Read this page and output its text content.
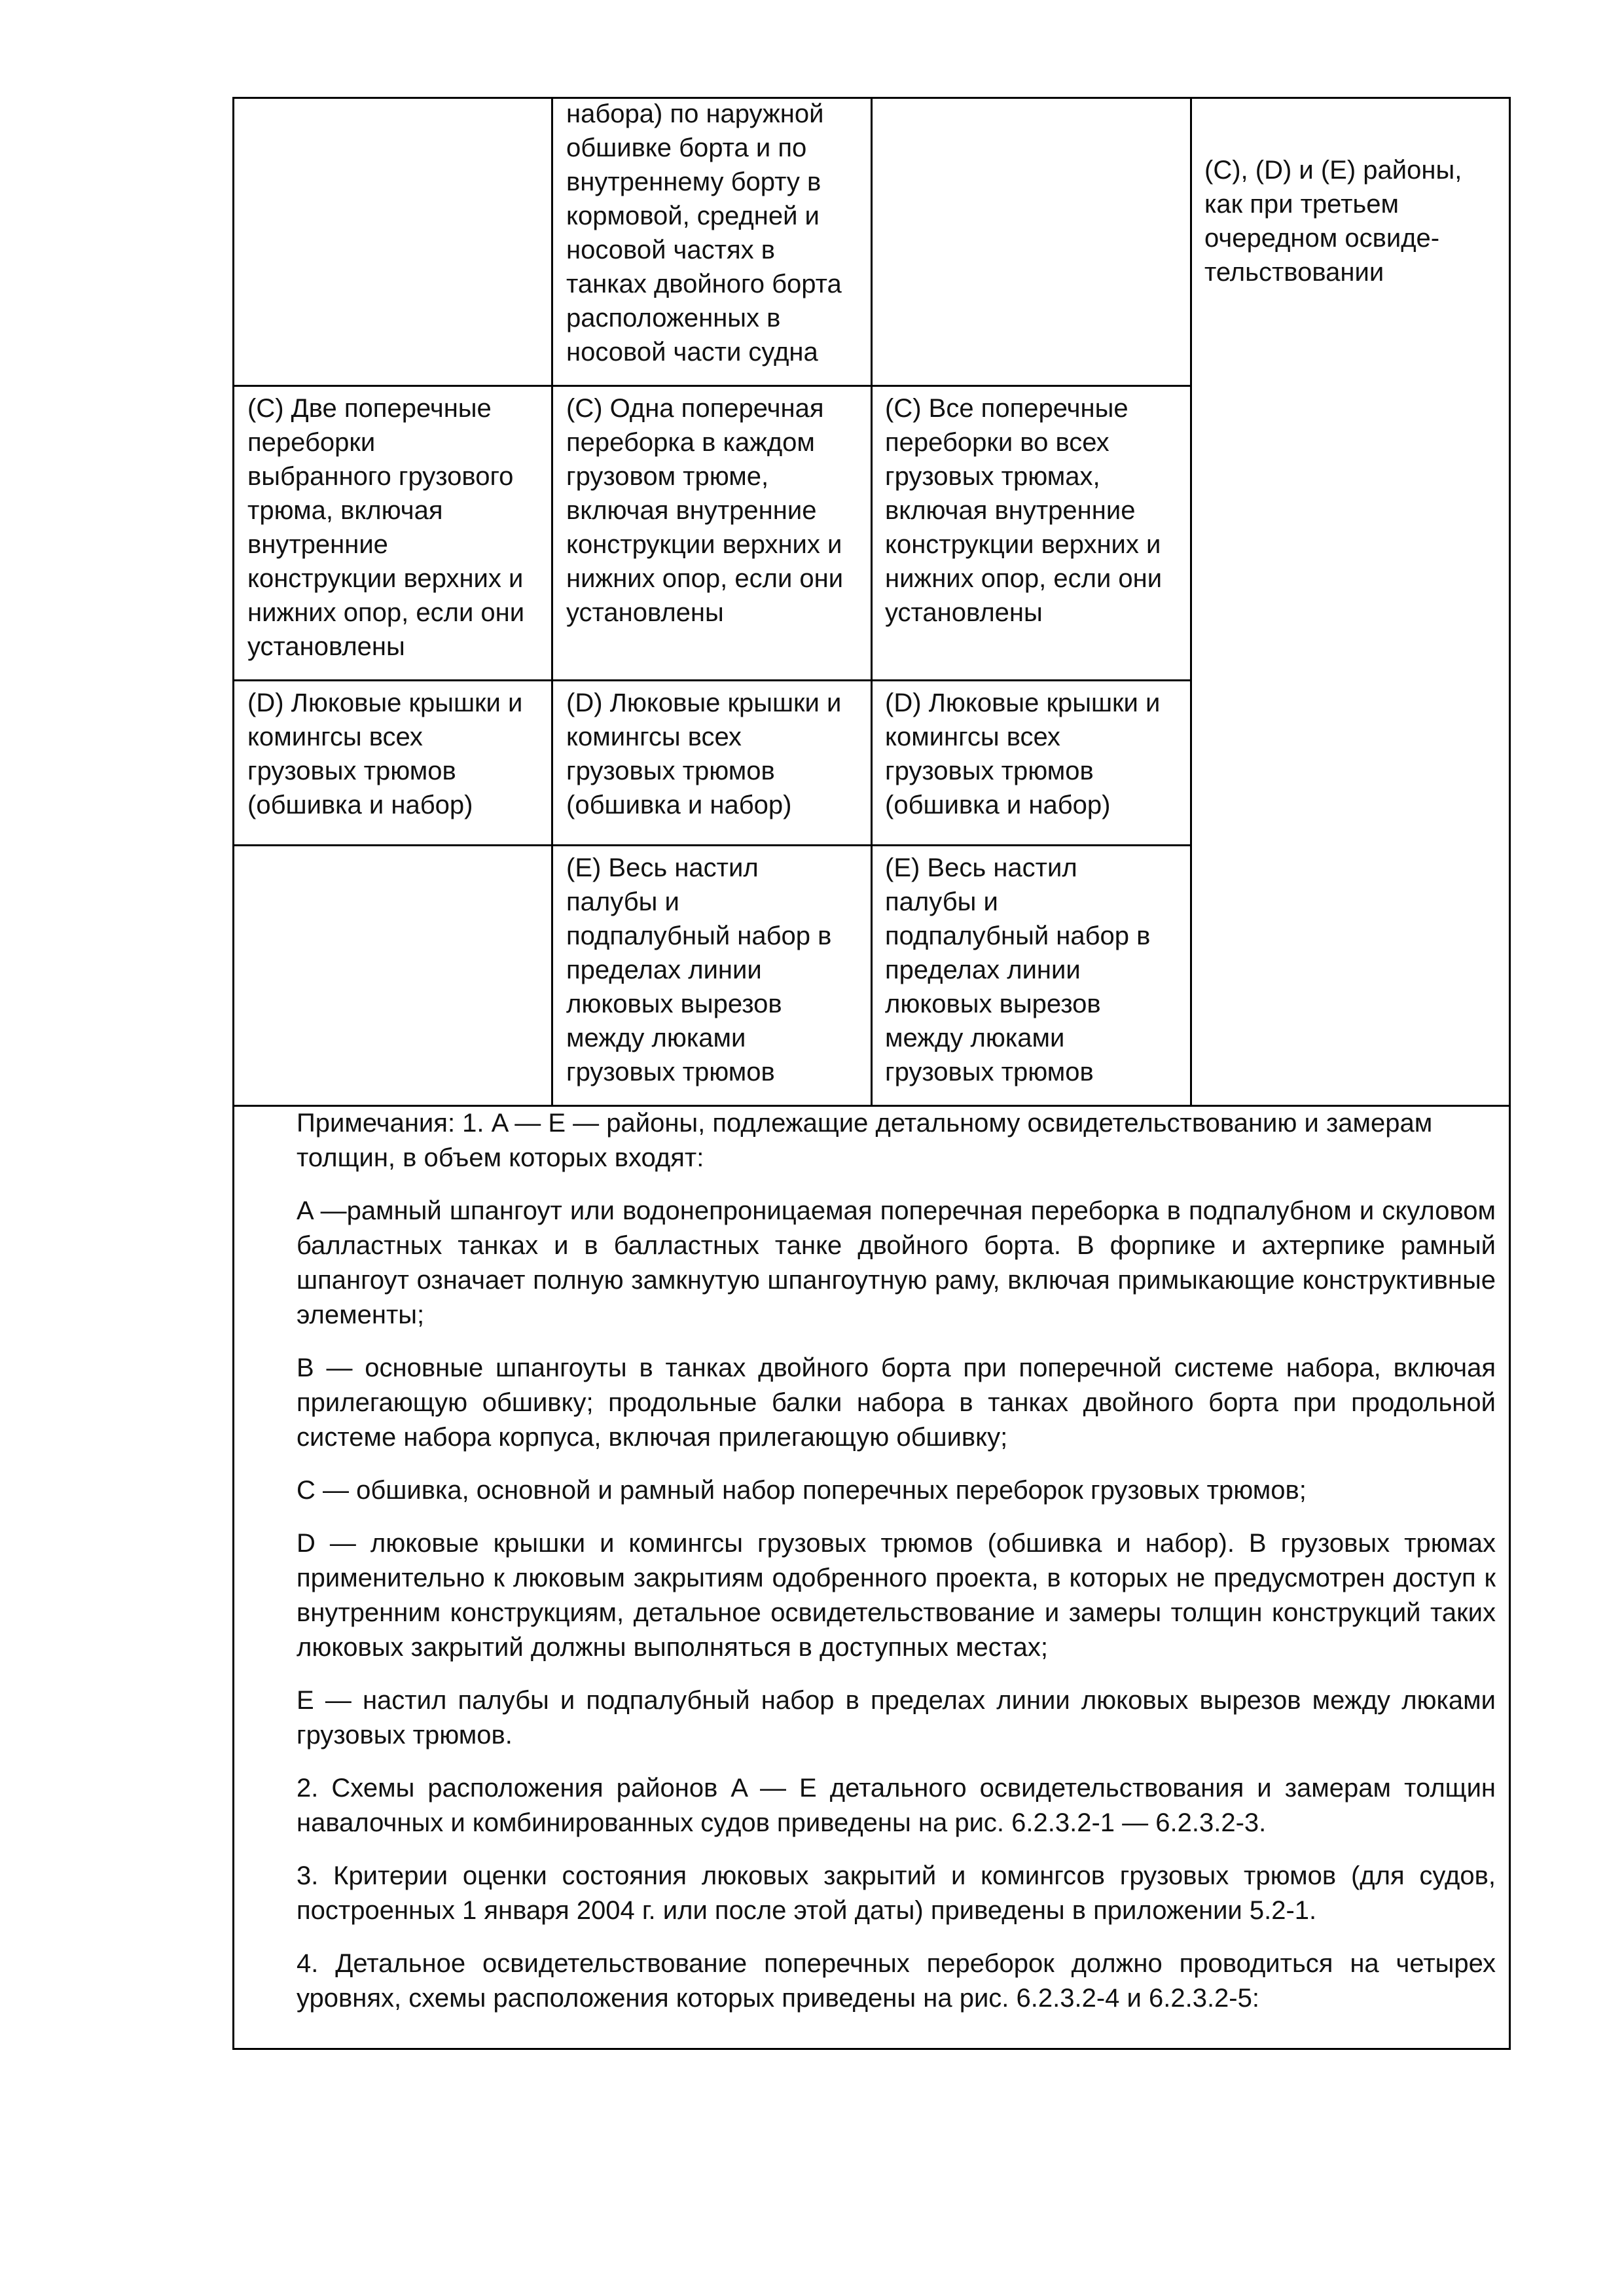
набора) по наружной
обшивке борта и по
внутреннему борту в
кормовой, средней и
носовой частях в
танках двойного борта
расположенных в
носовой части судна
(C), (D) и (E) районы,
как при третьем
очередном освиде-
тельствовании
(C) Две поперечные
переборки
выбранного грузового
трюма, включая
внутренние
конструкции верхних и
нижних опор, если они
установлены
(C) Одна поперечная
переборка в каждом
грузовом трюме,
включая внутренние
конструкции верхних и
нижних опор, если они
установлены
(C) Все поперечные
переборки во всех
грузовых трюмах,
включая внутренние
конструкции верхних и
нижних опор, если они
установлены
(D) Люковые крышки и
комингсы всех
грузовых трюмов
(обшивка и набор)
(D) Люковые крышки и
комингсы всех
грузовых трюмов
(обшивка и набор)
(D) Люковые крышки и
комингсы всех
грузовых трюмов
(обшивка и набор)
(E) Весь настил
палубы и
подпалубный набор в
пределах линии
люковых вырезов
между люками
грузовых трюмов
(E) Весь настил
палубы и
подпалубный набор в
пределах линии
люковых вырезов
между люками
грузовых трюмов

Примечания: 1. A — E — районы, подлежащие детальному освидетельствованию и замерам толщин, в объем которых входят:

A —рамный шпангоут или водонепроницаемая поперечная переборка в подпалубном и скуловом балластных танках и в балластных танке двойного борта. В форпике и ахтерпике рамный шпангоут означает полную замкнутую шпангоутную раму, включая примыкающие конструктивные элементы;

B — основные шпангоуты в танках двойного борта при поперечной системе набора, включая прилегающую обшивку; продольные балки набора в танках двойного борта при продольной системе набора корпуса, включая прилегающую обшивку;

C — обшивка, основной и рамный набор поперечных переборок грузовых трюмов;

D — люковые крышки и комингсы грузовых трюмов (обшивка и набор). В грузовых трюмах применительно к люковым закрытиям одобренного проекта, в которых не предусмотрен доступ к внутренним конструкциям, детальное освидетельствование и замеры толщин конструкций таких люковых закрытий должны выполняться в доступных местах;

E — настил палубы и подпалубный набор в пределах линии люковых вырезов между люками грузовых трюмов.

2. Схемы расположения районов A — E детального освидетельствования и замерам толщин навалочных и комбинированных судов приведены на рис. 6.2.3.2-1 — 6.2.3.2-3.

3. Критерии оценки состояния люковых закрытий и комингсов грузовых трюмов (для судов, построенных 1 января 2004 г. или после этой даты) приведены в приложении 5.2-1.

4. Детальное освидетельствование поперечных переборок должно проводиться на четырех уровнях, схемы расположения которых приведены на рис. 6.2.3.2-4 и 6.2.3.2-5:
